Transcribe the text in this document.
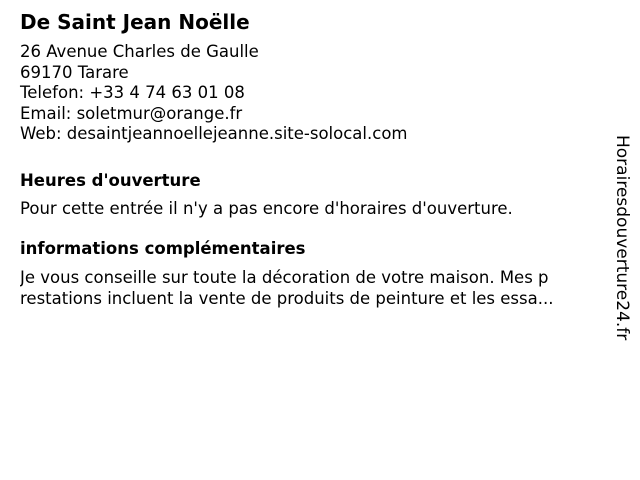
De Saint Jean Noëlle
26 Avenue Charles de Gaulle
69170 Tarare
Telefon: +33 4 74 63 01 08
Email: soletmur@orange.fr
Web: desaintjeannoellejeanne.site-solocal.com
Heures d'ouverture
Pour cette entrée il n'y a pas encore d'horaires d'ouverture.
informations complémentaires
Je vous conseille sur toute la décoration de votre maison. Mes p
restations incluent la vente de produits de peinture et les essa...	Horairesdouverture24.fr
